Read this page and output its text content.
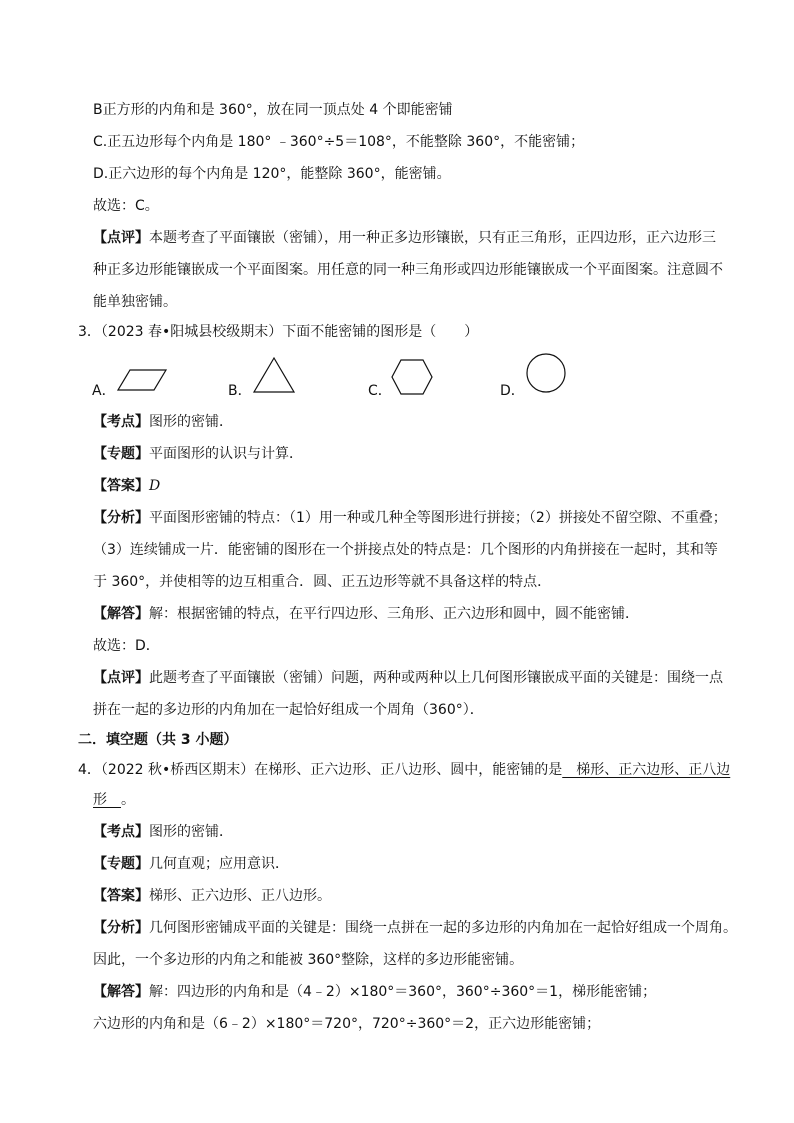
B正方形的内角和是 360°，放在同一顶点处 4 个即能密铺
C.正五边形每个内角是 180° ﹣360°÷5＝108°，不能整除 360°，不能密铺；
D.正六边形的每个内角是 120°，能整除 360°，能密铺。
故选：C。
【点评】本题考查了平面镶嵌（密铺），用一种正多边形镶嵌，只有正三角形，正四边形，正六边形三
种正多边形能镶嵌成一个平面图案。用任意的同一种三角形或四边形能镶嵌成一个平面图案。注意圆不
能单独密铺。
3．（2023 春•阳城县校级期末）下面不能密铺的图形是（　　）
A．	B．	C．	D．
【考点】图形的密铺．
【专题】平面图形的认识与计算．
【答案】D
【分析】平面图形密铺的特点：（1）用一种或几种全等图形进行拼接；（2）拼接处不留空隙、不重叠；
（3）连续铺成一片．能密铺的图形在一个拼接点处的特点是：几个图形的内角拼接在一起时，其和等
于 360°，并使相等的边互相重合．圆、正五边形等就不具备这样的特点．
【解答】解：根据密铺的特点，在平行四边形、三角形、正六边形和圆中，圆不能密铺．
故选：D．
【点评】此题考查了平面镶嵌（密铺）问题，两种或两种以上几何图形镶嵌成平面的关键是：围绕一点
拼在一起的多边形的内角加在一起恰好组成一个周角（360°）．
二．填空题（共 3 小题）
4．（2022 秋•桥西区期末）在梯形、正六边形、正八边形、圆中，能密铺的是　梯形、正六边形、正八边
形　。
【考点】图形的密铺．
【专题】几何直观；应用意识．
【答案】梯形、正六边形、正八边形。
【分析】几何图形密铺成平面的关键是：围绕一点拼在一起的多边形的内角加在一起恰好组成一个周角。
因此，一个多边形的内角之和能被 360°整除，这样的多边形能密铺。
【解答】解：四边形的内角和是（4﹣2）×180°＝360°，360°÷360°＝1，梯形能密铺；
六边形的内角和是（6﹣2）×180°＝720°，720°÷360°＝2，正六边形能密铺；
